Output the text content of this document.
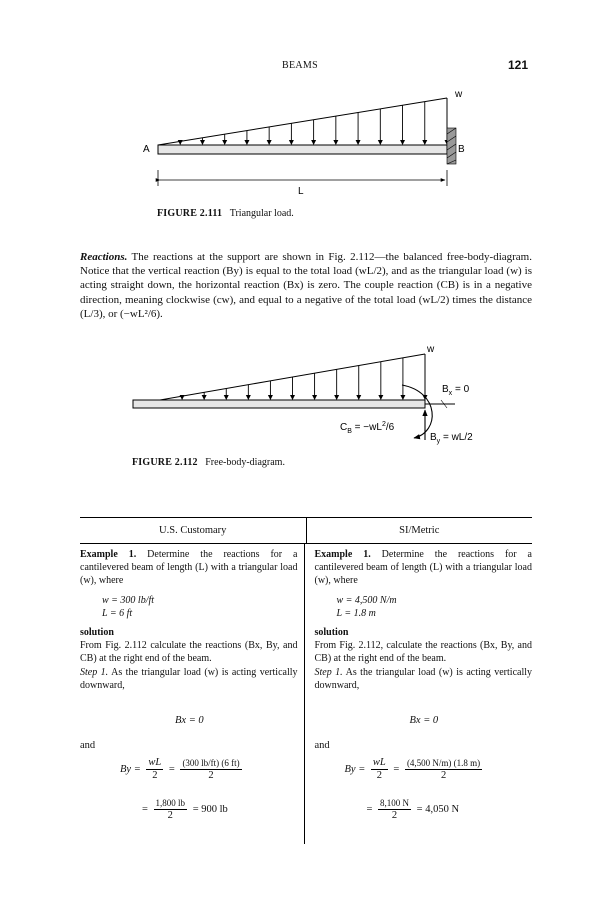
BEAMS	121
w
A	B
L
FIGURE 2.111 Triangular load.
Reactions. The reactions at the support are shown in Fig. 2.112—the balanced free-body-diagram. Notice that the vertical reaction (By) is equal to the total load (wL/2), and as the triangular load (w) is acting straight down, the horizontal reaction (Bx) is zero. The couple reaction (CB) is in a negative direction, meaning clockwise (cw), and equal to a negative of the total load (wL/2) times the distance (L/3), or (−wL²/6).
w
$B_x = 0$
$C_B = -wL^2/6$
$B_y = wL/2$
FIGURE 2.112 Free-body-diagram.
U.S. Customary	SI/Metric

Example 1. Determine the reactions for a cantilevered beam of length (L) with a triangular load (w), where

w = 300 lb/ft
L = 6 ft

solution

From Fig. 2.112 calculate the reactions (Bx, By, and CB) at the right end of the beam.

Step 1. As the triangular load (w) is acting vertically downward,

Bx = 0
and
$By = \frac{wL}{2} = \frac{(300 lb/ft) (6 ft)}{2}$
= $\frac{1,800 lb}{2} = 900$ lb

Example 1. Determine the reactions for a cantilevered beam of length (L) with a triangular load (w), where

w = 4,500 N/m
L = 1.8 m

solution

From Fig. 2.112, calculate the reactions (Bx, By, and CB) at the right end of the beam.

Step 1. As the triangular load (w) is acting vertically downward,

Bx = 0
and
$By = \frac{wL}{2} = \frac{(4,500 N/m) (1.8 m)}{2}$
= $\frac{8,100 N}{2} = 4,050$ N
